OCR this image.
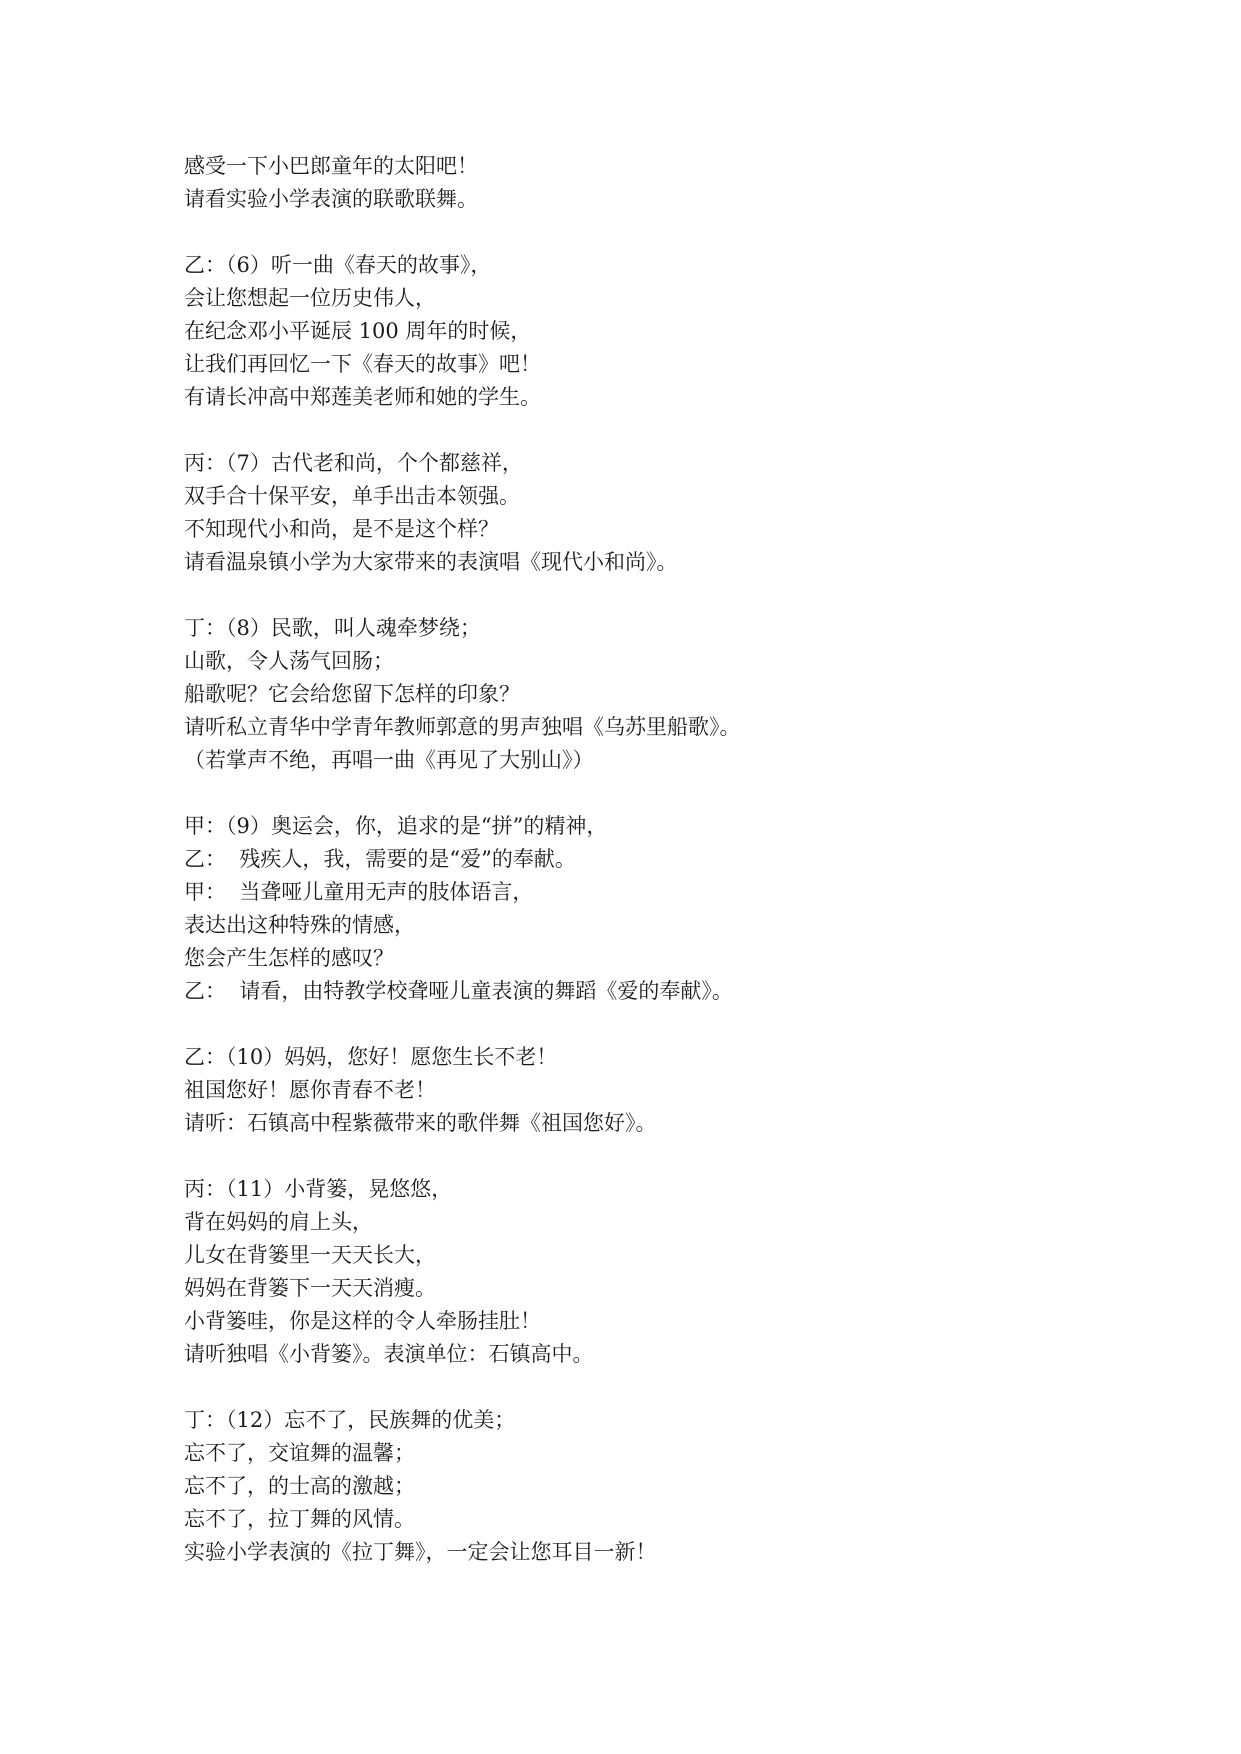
感受一下小巴郎童年的太阳吧！
请看实验小学表演的联歌联舞。
乙：（6）听一曲《春天的故事》，
会让您想起一位历史伟人，
在纪念邓小平诞辰 100 周年的时候，
让我们再回忆一下《春天的故事》吧！
有请长冲高中郑莲美老师和她的学生。
丙：（7）古代老和尚，个个都慈祥，
双手合十保平安，单手出击本领强。
不知现代小和尚，是不是这个样？
请看温泉镇小学为大家带来的表演唱《现代小和尚》。
丁：（8）民歌，叫人魂牵梦绕；
山歌，令人荡气回肠；
船歌呢？它会给您留下怎样的印象？
请听私立青华中学青年教师郭意的男声独唱《乌苏里船歌》。
（若掌声不绝，再唱一曲《再见了大别山》）
甲：（9）奥运会，你，追求的是“拼”的精神，
乙：  残疾人，我，需要的是“爱”的奉献。
甲：  当聋哑儿童用无声的肢体语言，
表达出这种特殊的情感，
您会产生怎样的感叹？
乙：  请看，由特教学校聋哑儿童表演的舞蹈《爱的奉献》。
乙：（10）妈妈，您好！愿您生长不老！
祖国您好！愿你青春不老！
请听：石镇高中程紫薇带来的歌伴舞《祖国您好》。
丙：（11）小背篓，晃悠悠，
背在妈妈的肩上头，
儿女在背篓里一天天长大，
妈妈在背篓下一天天消瘦。
小背篓哇，你是这样的令人牵肠挂肚！
请听独唱《小背篓》。表演单位：石镇高中。
丁：（12）忘不了，民族舞的优美；
忘不了，交谊舞的温馨；
忘不了，的士高的激越；
忘不了，拉丁舞的风情。
实验小学表演的《拉丁舞》，一定会让您耳目一新！
